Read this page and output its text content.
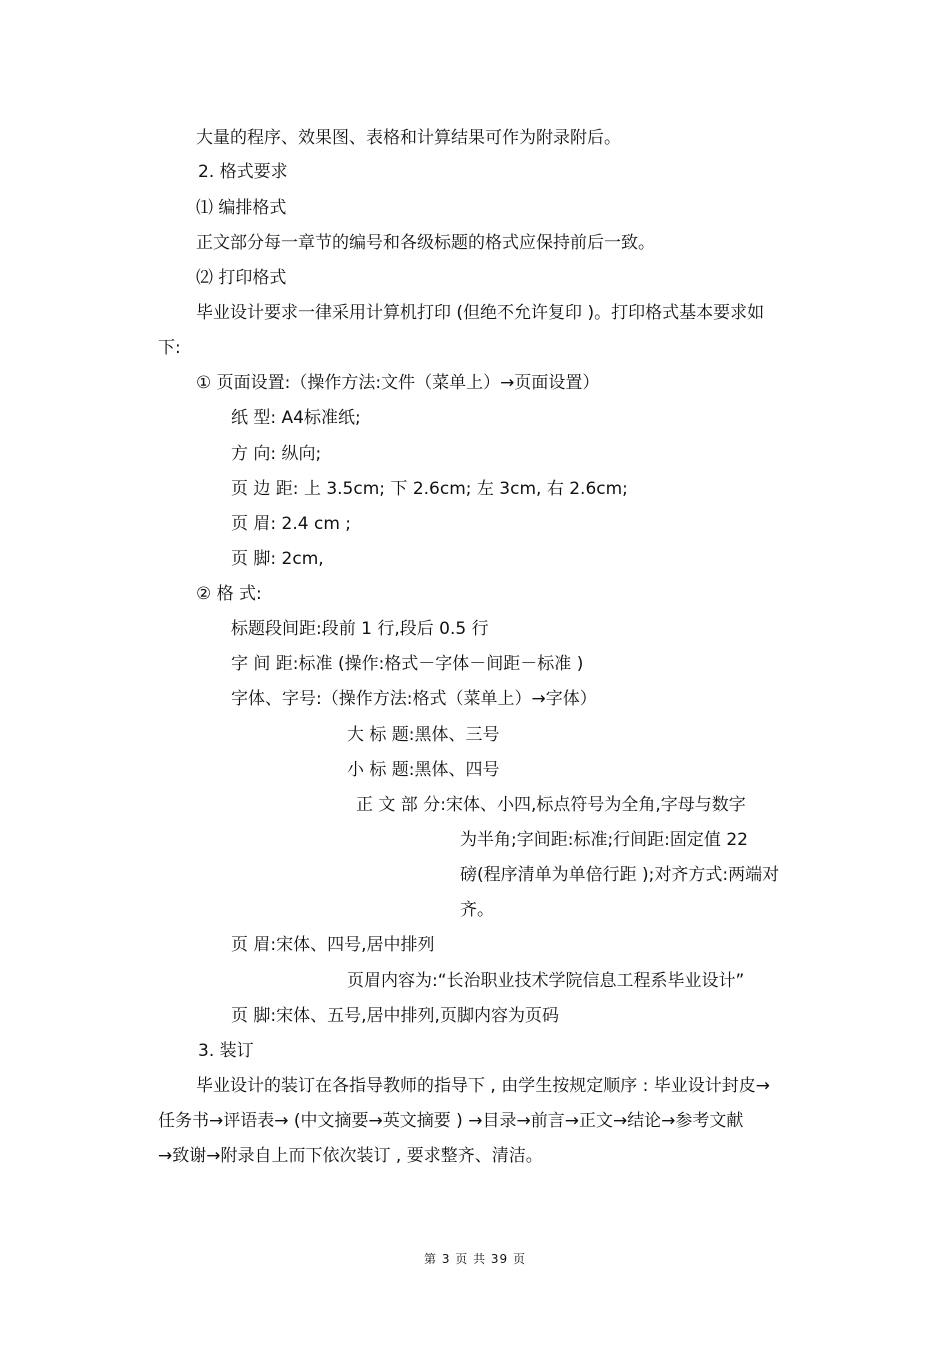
大量的程序、效果图、表格和计算结果可作为附录附后。
2. 格式要求
⑴ 编排格式
正文部分每一章节的编号和各级标题的格式应保持前后一致。
⑵ 打印格式
毕业设计要求一律采用计算机打印 (但绝不允许复印 )。打印格式基本要求如
下:
① 页面设置:（操作方法:文件（菜单上）→页面设置）
纸 型: A4标准纸;
方 向: 纵向;
页 边 距: 上 3.5cm; 下 2.6cm; 左 3cm, 右 2.6cm;
页 眉: 2.4 cm ;
页 脚: 2cm,
② 格 式:
标题段间距:段前 1 行,段后 0.5 行
字 间 距:标准 (操作:格式－字体－间距－标准 )
字体、字号:（操作方法:格式（菜单上）→字体）
大 标 题:黑体、三号
小 标 题:黑体、四号
正 文 部 分:宋体、小四,标点符号为全角,字母与数字
为半角;字间距:标准;行间距:固定值 22
磅(程序清单为单倍行距 );对齐方式:两端对
齐。
页 眉:宋体、四号,居中排列
页眉内容为:“长治职业技术学院信息工程系毕业设计”
页 脚:宋体、五号,居中排列,页脚内容为页码
3. 装订
毕业设计的装订在各指导教师的指导下 , 由学生按规定顺序 : 毕业设计封皮→
任务书→评语表→ (中文摘要→英文摘要 ) →目录→前言→正文→结论→参考文献
→致谢→附录自上而下依次装订 , 要求整齐、清洁。
第 3 页 共 39 页
